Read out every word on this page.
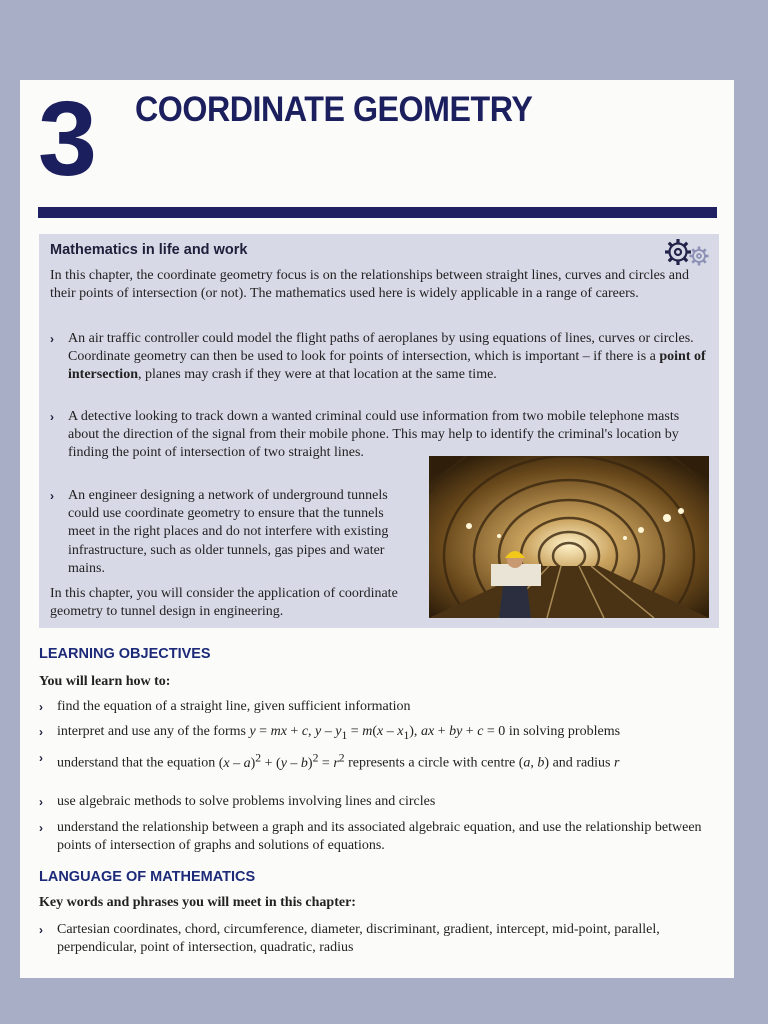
3 COORDINATE GEOMETRY
Mathematics in life and work

In this chapter, the coordinate geometry focus is on the relationships between straight lines, curves and circles and their points of intersection (or not). The mathematics used here is widely applicable in a range of careers.

› An air traffic controller could model the flight paths of aeroplanes by using equations of lines, curves or circles. Coordinate geometry can then be used to look for points of intersection, which is important – if there is a point of intersection, planes may crash if they were at that location at the same time.
› A detective looking to track down a wanted criminal could use information from two mobile telephone masts about the direction of the signal from their mobile phone. This may help to identify the criminal's location by finding the point of intersection of two straight lines.
› An engineer designing a network of underground tunnels could use coordinate geometry to ensure that the tunnels meet in the right places and do not interfere with existing infrastructure, such as older tunnels, gas pipes and water mains.

In this chapter, you will consider the application of coordinate geometry to tunnel design in engineering.

LEARNING OBJECTIVES
You will learn how to:
› find the equation of a straight line, given sufficient information
› interpret and use any of the forms y = mx + c, $y - y_1 = m(x - x_1)$, ax + by + c = 0 in solving problems
› understand that the equation $(x - a)^2 + (y - b)^2 = r^2$ represents a circle with centre (a, b) and radius r
› use algebraic methods to solve problems involving lines and circles
› understand the relationship between a graph and its associated algebraic equation, and use the relationship between points of intersection of graphs and solutions of equations.
LANGUAGE OF MATHEMATICS
Key words and phrases you will meet in this chapter:
› Cartesian coordinates, chord, circumference, diameter, discriminant, gradient, intercept, mid-point, parallel, perpendicular, point of intersection, quadratic, radius
